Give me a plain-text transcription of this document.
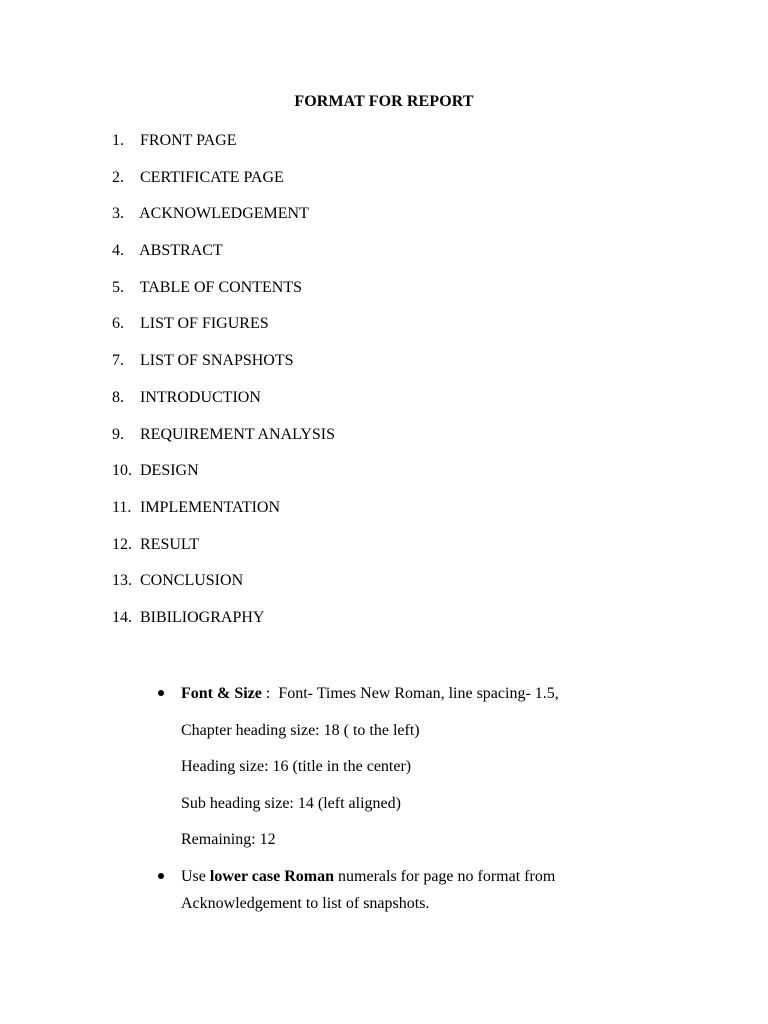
FORMAT FOR REPORT
1. FRONT PAGE
2. CERTIFICATE PAGE
3. ACKNOWLEDGEMENT
4. ABSTRACT
5. TABLE OF CONTENTS
6. LIST OF FIGURES
7. LIST OF SNAPSHOTS
8. INTRODUCTION
9. REQUIREMENT ANALYSIS
10. DESIGN
11. IMPLEMENTATION
12. RESULT
13. CONCLUSION
14. BIBILIOGRAPHY
Font & Size :  Font- Times New Roman, line spacing- 1.5,
Chapter heading size: 18 ( to the left)
Heading size: 16 (title in the center)
Sub heading size: 14 (left aligned)
Remaining: 12
Use lower case Roman numerals for page no format from
Acknowledgement to list of snapshots.
